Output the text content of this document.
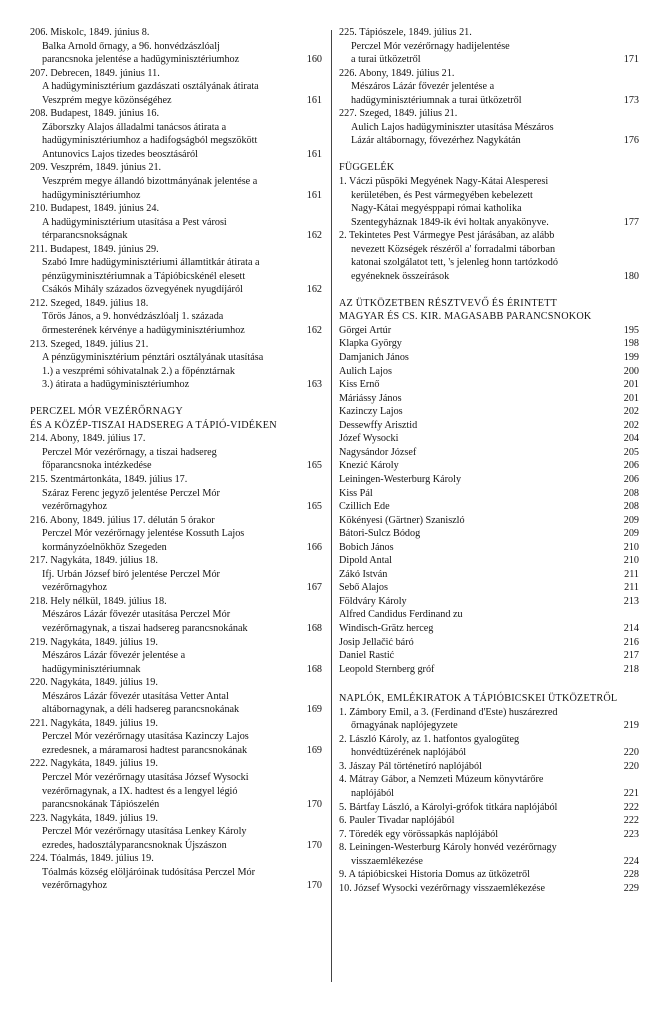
206. Miskolc, 1849. június 8.
Balka Arnold őrnagy, a 96. honvédzászlóalj
parancsnoka jelentése a hadügyminisztériumhoz	160
207. Debrecen, 1849. június 11.
A hadügyminisztérium gazdászati osztályának átirata
Veszprém megye közönségéhez	161
208. Budapest, 1849. június 16.
Záborszky Alajos álladalmi tanácsos átirata a
hadügyminisztériumhoz a hadifogságból megszökött
Antunovics Lajos tizedes beosztásáról	161
209. Veszprém, 1849. június 21.
Veszprém megye állandó bizottmányának jelentése a
hadügyminisztériumhoz	161
210. Budapest, 1849. június 24.
A hadügyminisztérium utasítása a Pest városi
térparancsnokságnak	162
211. Budapest, 1849. június 29.
Szabó Imre hadügyminisztériumi államtitkár átirata a
pénzügyminisztériumnak a Tápióbicskénél elesett
Csákós Mihály százados özvegyének nyugdíjáról	162
212. Szeged, 1849. július 18.
Tőrös János, a 9. honvédzászlóalj 1. százada
őrmesterének kérvénye a hadügyminisztériumhoz	162
213. Szeged, 1849. július 21.
A pénzügyminisztérium pénztári osztályának utasítása
1.) a veszprémi sóhivatalnak 2.) a főpénztárnak
3.) átirata a hadügyminisztériumhoz	163
PERCZEL MÓR VEZÉRŐRNAGY
ÉS A KÖZÉP-TISZAI HADSEREG A TÁPIÓ-VIDÉKEN
214. Abony, 1849. július 17.
Perczel Mór vezérőrnagy, a tiszai hadsereg
főparancsnoka intézkedése	165
215. Szentmártonkáta, 1849. július 17.
Száraz Ferenc jegyző jelentése Perczel Mór
vezérőrnagyhoz	165
216. Abony, 1849. július 17. délután 5 órakor
Perczel Mór vezérőrnagy jelentése Kossuth Lajos
kormányzóelnökhöz Szegeden	166
217. Nagykáta, 1849. július 18.
Ifj. Urbán József bíró jelentése Perczel Mór
vezérőrnagyhoz	167
218. Hely nélkül, 1849. július 18.
Mészáros Lázár fővezér utasítása Perczel Mór
vezérőrnagynak, a tiszai hadsereg parancsnokának	168
219. Nagykáta, 1849. július 19.
Mészáros Lázár fővezér jelentése a
hadügyminisztériumnak	168
220. Nagykáta, 1849. július 19.
Mészáros Lázár fővezér utasítása Vetter Antal
altábornagynak, a déli hadsereg parancsnokának	169
221. Nagykáta, 1849. július 19.
Perczel Mór vezérőrnagy utasítása Kazinczy Lajos
ezredesnek, a máramarosi hadtest parancsnokának	169
222. Nagykáta, 1849. július 19.
Perczel Mór vezérőrnagy utasítása József Wysocki
vezérőrnagynak, a IX. hadtest és a lengyel légió
parancsnokának Tápiószelén	170
223. Nagykáta, 1849. július 19.
Perczel Mór vezérőrnagy utasítása Lenkey Károly
ezredes, hadosztályparancsnoknak Újszászon	170
224. Tóalmás, 1849. július 19.
Tóalmás község elöljáróinak tudósítása Perczel Mór
vezérőrnagyhoz	170
225. Tápiószele, 1849. július 21.
Perczel Mór vezérőrnagy hadijelentése
a turai ütközetről	171
226. Abony, 1849. július 21.
Mészáros Lázár fővezér jelentése a
hadügyminisztériumnak a turai ütközetről	173
227. Szeged, 1849. július 21.
Aulich Lajos hadügyminiszter utasítása Mészáros
Lázár altábornagy, fővezérhez Nagykátán	176
FÜGGELÉK
1. Váczi püspöki Megyének Nagy-Kátai Alesperesi
kerületében, és Pest vármegyében kebelezett
Nagy-Kátai megyésppapi római katholika
Szentegyháznak 1849-ik évi holtak anyakönyve.	177
2. Tekintetes Pest Vármegye Pest járásában, az alább
nevezett Községek részéről a' forradalmi táborban
katonai szolgálatot tett, 's jelenleg honn tartózkodó
egyéneknek összeírások	180
AZ ÜTKÖZETBEN RÉSZTVEVŐ ÉS ÉRINTETT
MAGYAR ÉS CS. KIR. MAGASABB PARANCSNOKOK
Görgei Artúr	195
Klapka György	198
Damjanich János	199
Aulich Lajos	200
Kiss Ernő	201
Máriássy János	201
Kazinczy Lajos	202
Dessewffy Arisztid	202
Józef Wysocki	204
Nagysándor József	205
Knezić Károly	206
Leiningen-Westerburg Károly	206
Kiss Pál	208
Czillich Ede	208
Kökényesi (Gärtner) Szaniszló	209
Bátori-Sulcz Bódog	209
Bobich János	210
Dipold Antal	210
Zákó István	211
Sebő Alajos	211
Földváry Károly	213
Alfred Candidus Ferdinand zu
Windisch-Grätz herceg	214
Josip Jellačić báró	216
Daniel Rastić	217
Leopold Sternberg gróf	218
NAPLÓK, EMLÉKIRATOK A TÁPIÓBICSKEI ÜTKÖZETRŐL
1. Zámbory Emil, a 3. (Ferdinand d'Este) huszárezred
őrnagyának naplójegyzete	219
2. László Károly, az 1. hatfontos gyalogüteg
honvédtüzérének naplójából	220
3. Jászay Pál történetíró naplójából	220
4. Mátray Gábor, a Nemzeti Múzeum könyvtárőre
naplójából	221
5. Bártfay László, a Károlyi-grófok titkára naplójából	222
6. Pauler Tivadar naplójából	222
7. Töredék egy vörössapkás naplójából	223
8. Leiningen-Westerburg Károly honvéd vezérőrnagy
visszaemlékezése	224
9. A tápióbicskei Historia Domus az ütközetről	228
10. József Wysocki vezérőrnagy visszaemlékezése	229
